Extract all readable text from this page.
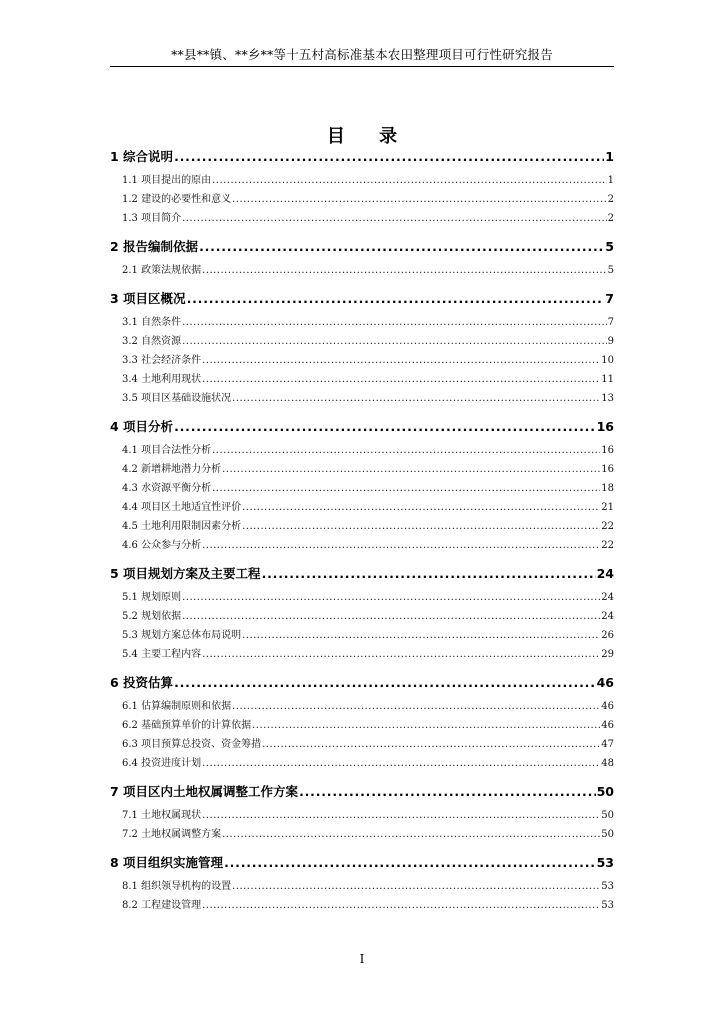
**县**镇、**乡**等十五村高标准基本农田整理项目可行性研究报告
目 录
1 综合说明 .....	1
1.1 项目提出的原由 .....	1
1.2 建设的必要性和意义 .....	2
1.3 项目简介 .....	2
2 报告编制依据 .....	5
2.1 政策法规依据 .....	5
3 项目区概况 .....	7
3.1 自然条件 .....	7
3.2 自然资源 .....	9
3.3 社会经济条件 .....	10
3.4 土地利用现状 .....	11
3.5 项目区基础设施状况 .....	13
4 项目分析 .....	16
4.1 项目合法性分析 .....	16
4.2 新增耕地潜力分析 .....	16
4.3 水资源平衡分析 .....	18
4.4 项目区土地适宜性评价 .....	21
4.5 土地利用限制因素分析 .....	22
4.6 公众参与分析 .....	22
5 项目规划方案及主要工程 .....	24
5.1 规划原则 .....	24
5.2 规划依据 .....	24
5.3 规划方案总体布局说明 .....	26
5.4 主要工程内容 .....	29
6 投资估算 .....	46
6.1 估算编制原则和依据 .....	46
6.2 基础预算单价的计算依据 .....	46
6.3 项目预算总投资、资金筹措 .....	47
6.4 投资进度计划 .....	48
7 项目区内土地权属调整工作方案 .....	50
7.1 土地权属现状 .....	50
7.2 土地权属调整方案 .....	50
8 项目组织实施管理 .....	53
8.1 组织领导机构的设置 .....	53
8.2 工程建设管理 .....	53
I
